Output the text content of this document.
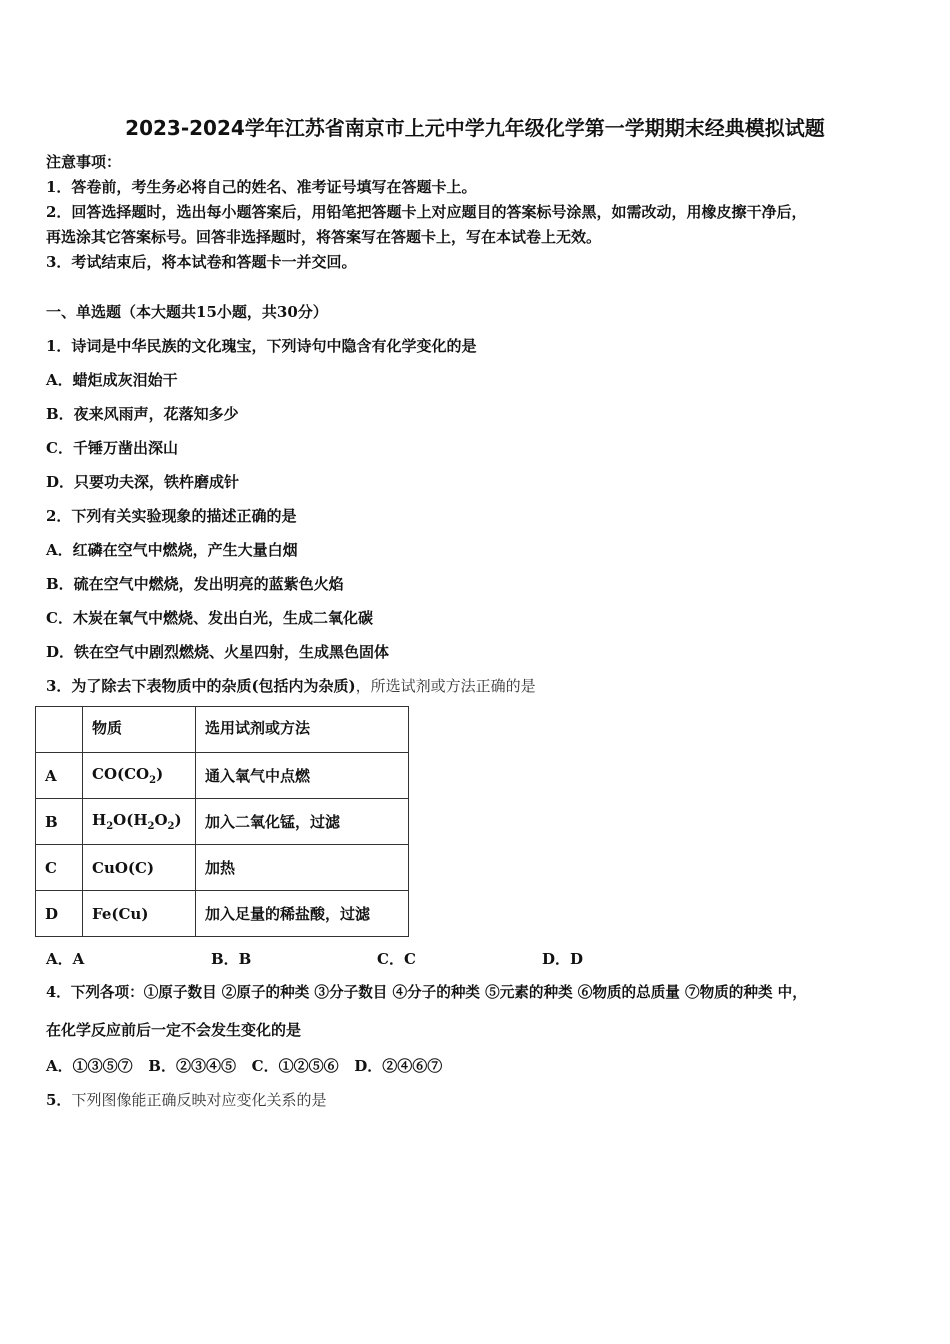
2023-2024学年江苏省南京市上元中学九年级化学第一学期期末经典模拟试题
注意事项：
1．答卷前，考生务必将自己的姓名、准考证号填写在答题卡上。
2．回答选择题时，选出每小题答案后，用铅笔把答题卡上对应题目的答案标号涂黑，如需改动，用橡皮擦干净后，
再选涂其它答案标号。回答非选择题时，将答案写在答题卡上，写在本试卷上无效。
3．考试结束后，将本试卷和答题卡一并交回。
一、单选题（本大题共15小题，共30分）
1．诗词是中华民族的文化瑰宝，下列诗句中隐含有化学变化的是
A．蜡炬成灰泪始干
B．夜来风雨声，花落知多少
C．千锤万凿出深山
D．只要功夫深，铁杵磨成针
2．下列有关实验现象的描述正确的是
A．红磷在空气中燃烧，产生大量白烟
B．硫在空气中燃烧，发出明亮的蓝紫色火焰
C．木炭在氧气中燃烧、发出白光，生成二氧化碳
D．铁在空气中剧烈燃烧、火星四射，生成黑色固体
3．为了除去下表物质中的杂质(包括内为杂质)，所选试剂或方法正确的是
	物质	选用试剂或方法
A	$CO(CO_2)$	通入氧气中点燃
B	$H_2O(H_2O_2)$	加入二氧化锰，过滤
C	CuO(C)	加热
D	Fe(Cu)	加入足量的稀盐酸，过滤
A．A	B．B	C．C	D．D
4．下列各项：①原子数目 ②原子的种类 ③分子数目 ④分子的种类 ⑤元素的种类 ⑥物质的总质量 ⑦物质的种类 中，
在化学反应前后一定不会发生变化的是
A．①③⑤⑦   B．②③④⑤   C．①②⑤⑥   D．②④⑥⑦
5．下列图像能正确反映对应变化关系的是
